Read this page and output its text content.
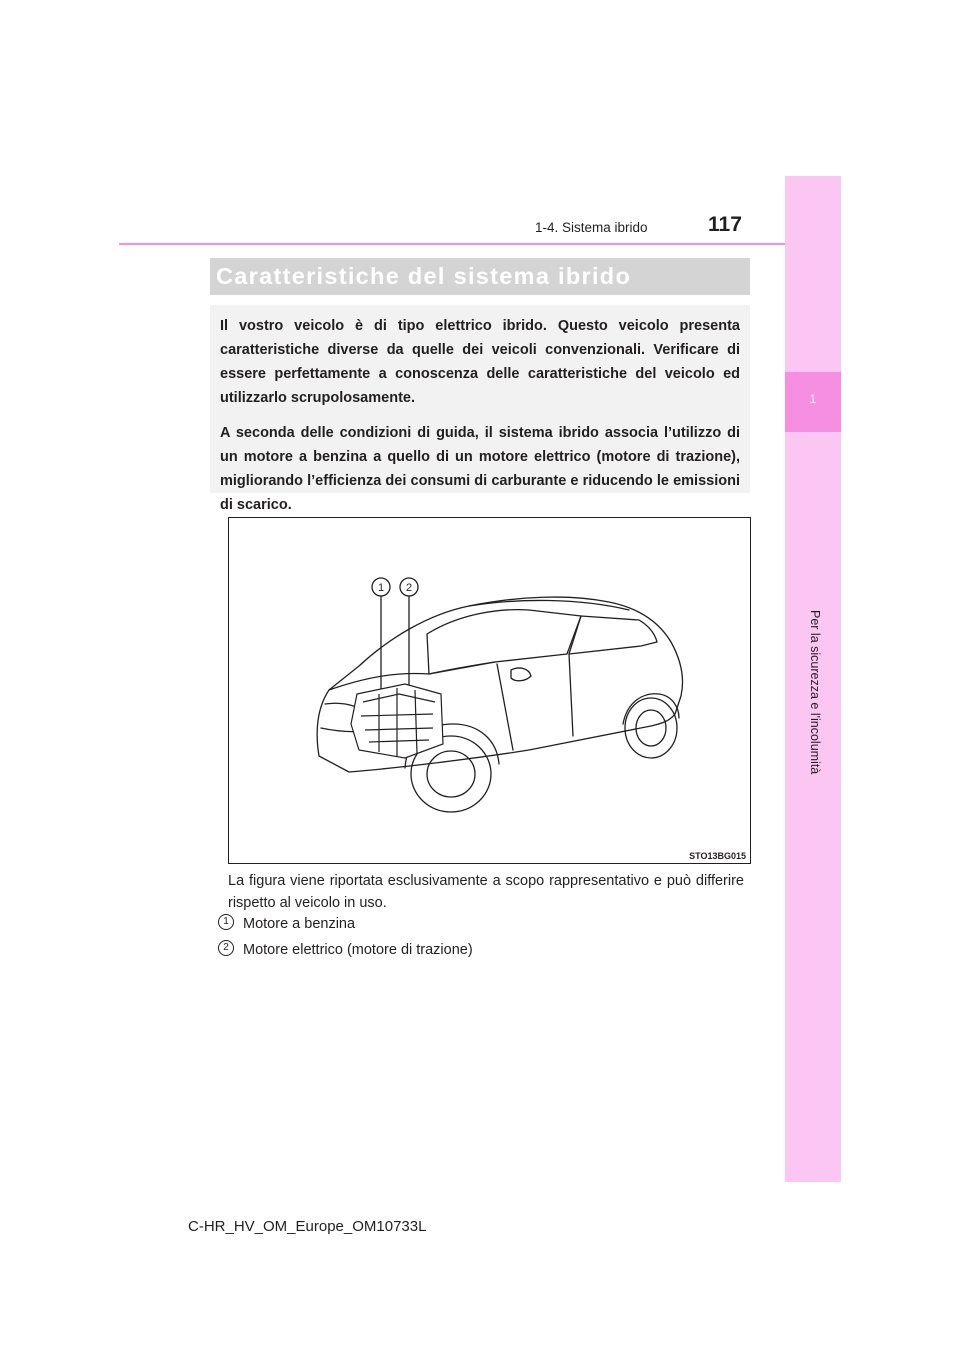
1
Per la sicurezza e l'incolumità
1-4. Sistema ibrido	117
Caratteristiche del sistema ibrido

Il vostro veicolo è di tipo elettrico ibrido. Questo veicolo presenta caratteristiche diverse da quelle dei veicoli convenzionali. Verificare di essere perfettamente a conoscenza delle caratteristiche del veicolo ed utilizzarlo scrupolosamente.

A seconda delle condizioni di guida, il sistema ibrido associa l’utilizzo di un motore a benzina a quello di un motore elettrico (motore di trazione), migliorando l’efficienza dei consumi di carburante e riducendo le emissioni di scarico.

1 2
STO13BG015

La figura viene riportata esclusivamente a scopo rappresentativo e può differire rispetto al veicolo in uso.

1 Motore a benzina
2 Motore elettrico (motore di trazione)
C-HR_HV_OM_Europe_OM10733L
